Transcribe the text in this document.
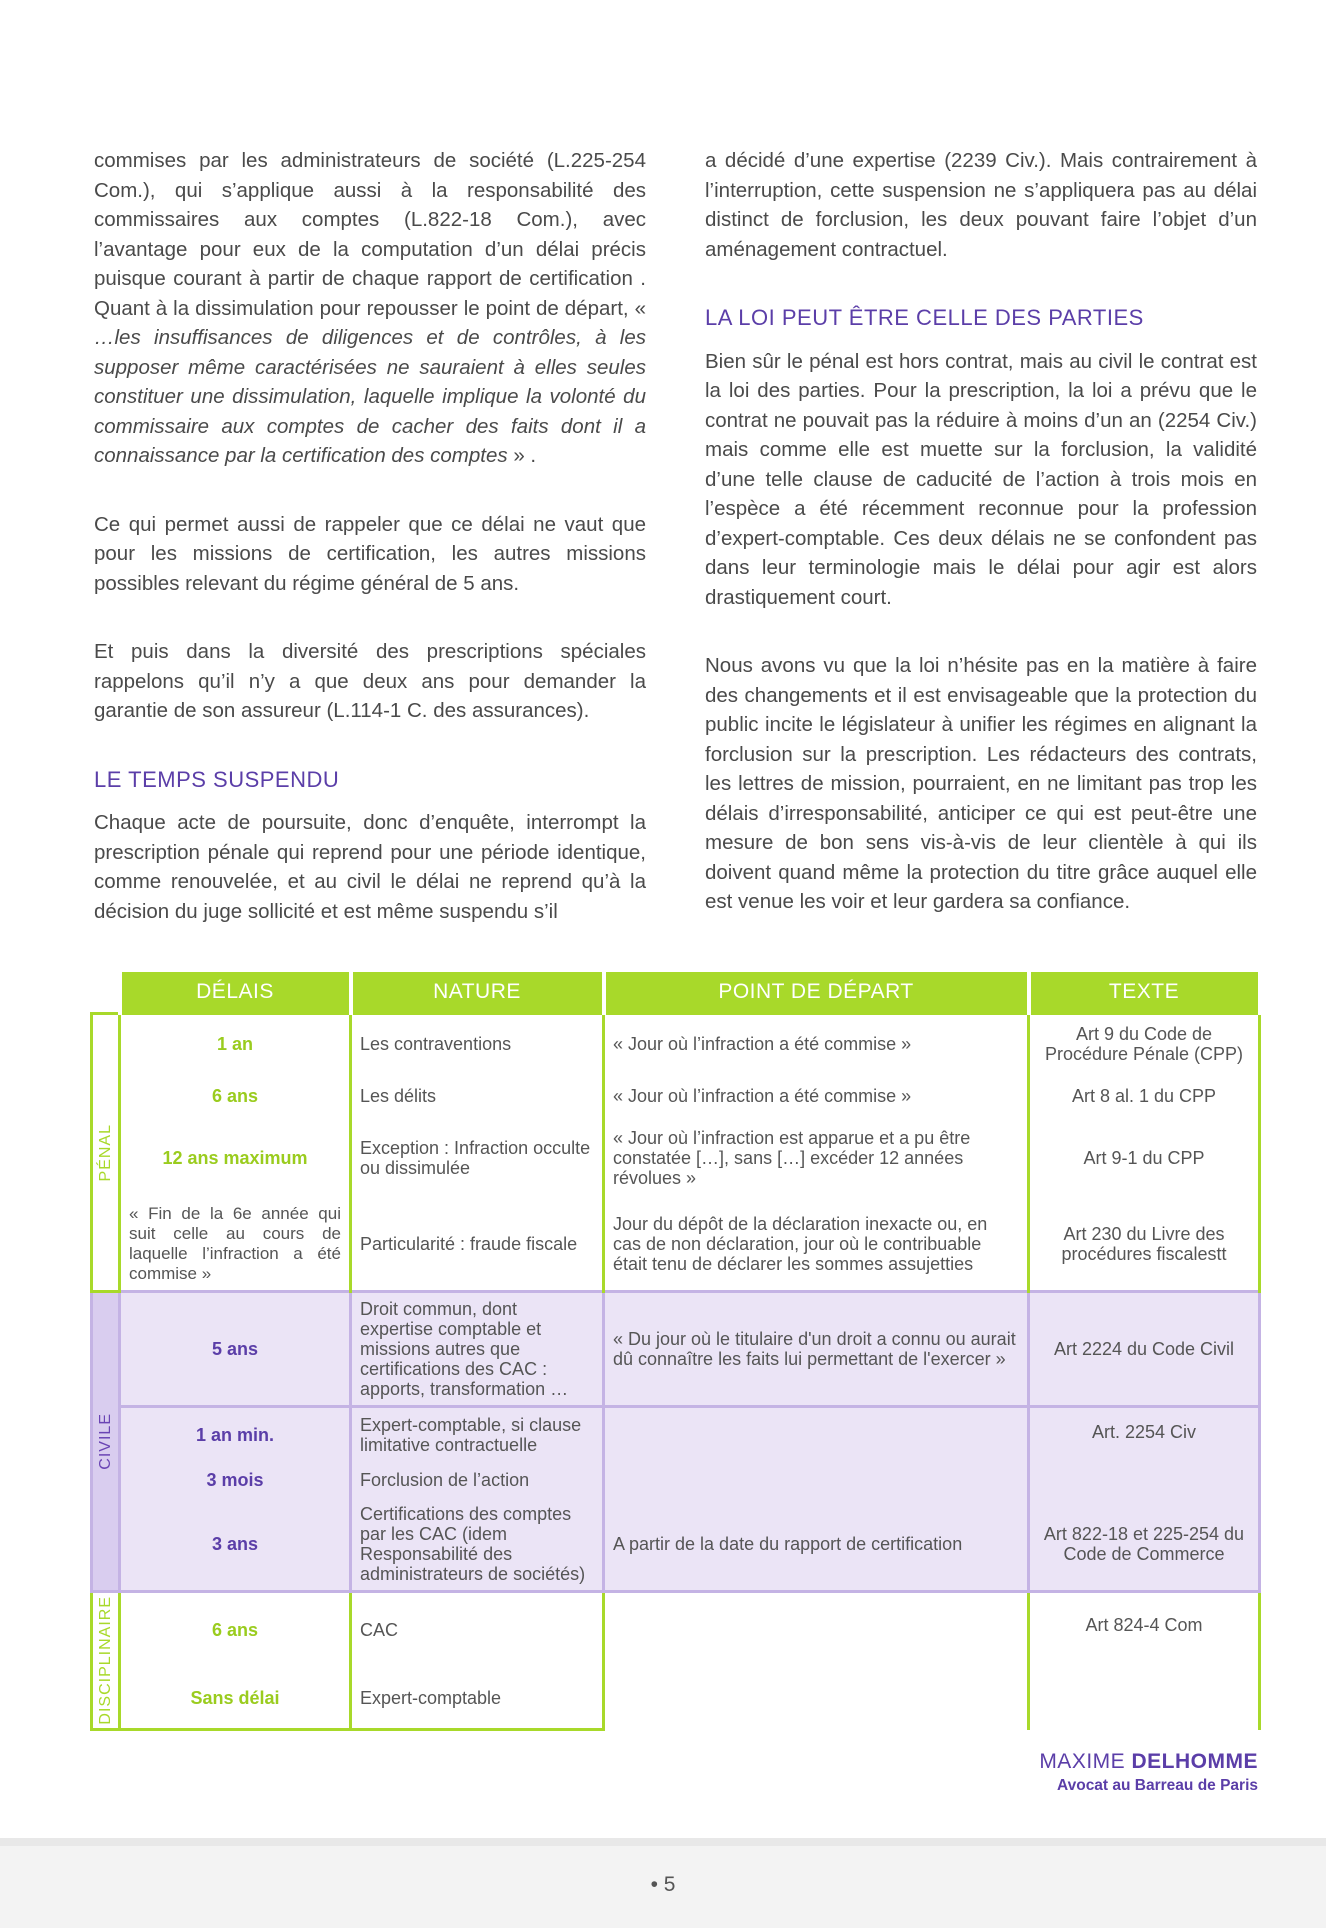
commises par les administrateurs de société (L.225-254 Com.), qui s’applique aussi à la responsabilité des commissaires aux comptes (L.822-18 Com.), avec l’avantage pour eux de la computation d’un délai précis puisque courant à partir de chaque rapport de certification . Quant à la dissimulation pour repousser le point de départ, « …les insuffisances de diligences et de contrôles, à les supposer même caractérisées ne sauraient à elles seules constituer une dissimulation, laquelle implique la volonté du commissaire aux comptes de cacher des faits dont il a connaissance par la certification des comptes » .

Ce qui permet aussi de rappeler que ce délai ne vaut que pour les missions de certification, les autres missions possibles relevant du régime général de 5 ans.

Et puis dans la diversité des prescriptions spéciales rappelons qu’il n’y a que deux ans pour demander la garantie de son assureur (L.114-1 C. des assurances).

LE TEMPS SUSPENDU

Chaque acte de poursuite, donc d’enquête, interrompt la prescription pénale qui reprend pour une période identique, comme renouvelée, et au civil le délai ne reprend qu’à la décision du juge sollicité et est même suspendu s’il

a décidé d’une expertise (2239 Civ.). Mais contrairement à l’interruption, cette suspension ne s’appliquera pas au délai distinct de forclusion, les deux pouvant faire l’objet d’un aménagement contractuel.

LA LOI PEUT ÊTRE CELLE DES PARTIES

Bien sûr le pénal est hors contrat, mais au civil le contrat est la loi des parties. Pour la prescription, la loi a prévu que le contrat ne pouvait pas la réduire à moins d’un an (2254 Civ.) mais comme elle est muette sur la forclusion, la validité d’une telle clause de caducité de l’action à trois mois en l’espèce a été récemment reconnue pour la profession d’expert-comptable. Ces deux délais ne se confondent pas dans leur terminologie mais le délai pour agir est alors drastiquement court.

Nous avons vu que la loi n’hésite pas en la matière à faire des changements et il est envisageable que la protection du public incite le législateur à unifier les régimes en alignant la forclusion sur la prescription. Les rédacteurs des contrats, les lettres de mission, pourraient, en ne limitant pas trop les délais d’irresponsabilité, anticiper ce qui est peut-être une mesure de bon sens vis-à-vis de leur clientèle à qui ils doivent quand même la protection du titre grâce auquel elle est venue les voir et leur gardera sa confiance.

	DÉLAIS	NATURE	POINT DE DÉPART	TEXTE

PÉNAL	1 an	Les contraventions	« Jour où l’infraction a été commise »	Art 9 du Code de Procédure Pénale (CPP)
	6 ans	Les délits	« Jour où l’infraction a été commise »	Art 8 al. 1 du CPP
	12 ans maximum	Exception : Infraction occulte ou dissimulée	« Jour où l’infraction est apparue et a pu être constatée […], sans […] excéder 12 années révolues »	Art 9-1 du CPP
	« Fin de la 6e année qui suit celle au cours de laquelle l’infraction a été commise »	Particularité : fraude fiscale	Jour du dépôt de la déclaration inexacte ou, en cas de non déclaration, jour où le contribuable était tenu de déclarer les sommes assujetties	Art 230 du Livre des procédures fiscalestt

CIVILE	5 ans	Droit commun, dont expertise comptable et missions autres que certifications des CAC : apports, transformation …	« Du jour où le titulaire d'un droit a connu ou aurait dû connaître les faits lui permettant de l'exercer »	Art 2224 du Code Civil
	1 an min.	Expert-comptable, si clause limitative contractuelle		Art. 2254 Civ
	3 mois	Forclusion de l’action		
	3 ans	Certifications des comptes par les CAC (idem Responsabilité des administrateurs de sociétés)	A partir de la date du rapport de certification	Art 822-18 et 225-254 du Code de Commerce

DISCIPLINAIRE	6 ans	CAC		Art 824-4 Com
	Sans délai	Expert-comptable		
MAXIME DELHOMME
Avocat au Barreau de Paris
• 5
